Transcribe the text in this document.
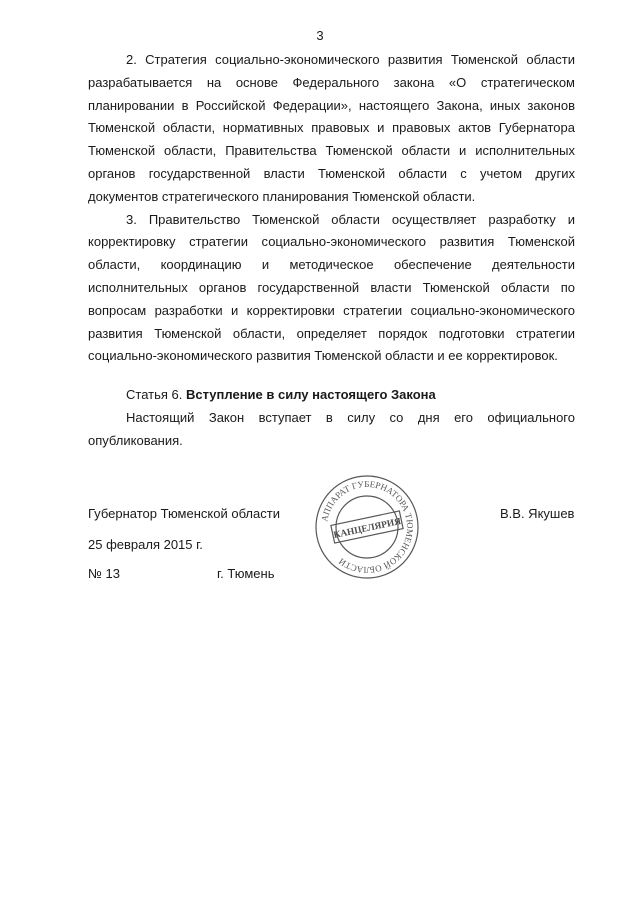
3

2. Стратегия социально-экономического развития Тюменской области разрабатывается на основе Федерального закона «О стратегическом планировании в Российской Федерации», настоящего Закона, иных законов Тюменской области, нормативных правовых и правовых актов Губернатора Тюменской области, Правительства Тюменской области и исполнительных органов государственной власти Тюменской области с учетом других документов стратегического планирования Тюменской области.

3. Правительство Тюменской области осуществляет разработку и корректировку стратегии социально-экономического развития Тюменской области, координацию и методическое обеспечение деятельности исполнительных органов государственной власти Тюменской области по вопросам разработки и корректировки стратегии социально-экономического развития Тюменской области, определяет порядок подготовки стратегии социально-экономического развития Тюменской области и ее корректировок.

Статья 6. Вступление в силу настоящего Закона

Настоящий Закон вступает в силу со дня его официального опубликования.

Губернатор Тюменской области	В.В. Якушев
25 февраля 2015 г.
№ 13	г. Тюмень
АППАРАТ ГУБЕРНАТОРА ТЮМЕНСКОЙ ОБЛАСТИ
КАНЦЕЛЯРИЯ
